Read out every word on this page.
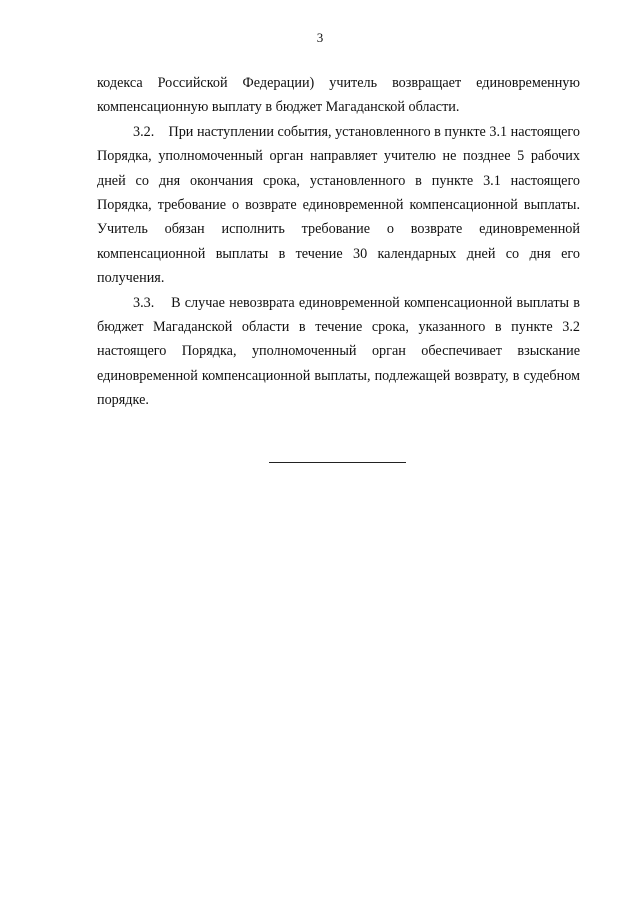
3

кодекса Российской Федерации) учитель возвращает единовременную компенсационную выплату в бюджет Магаданской области.

3.2.    При наступлении события, установленного в пункте 3.1 настоящего Порядка, уполномоченный орган направляет учителю не позднее 5 рабочих дней со дня окончания срока, установленного в пункте 3.1 настоящего Порядка, требование о возврате единовременной компенсационной выплаты. Учитель обязан исполнить требование о возврате единовременной компенсационной выплаты в течение 30 календарных дней со дня его получения.

3.3.    В случае невозврата единовременной компенсационной выплаты в бюджет Магаданской области в течение срока, указанного в пункте 3.2 настоящего Порядка, уполномоченный орган обеспечивает взыскание единовременной компенсационной выплаты, подлежащей возврату, в судебном порядке.
